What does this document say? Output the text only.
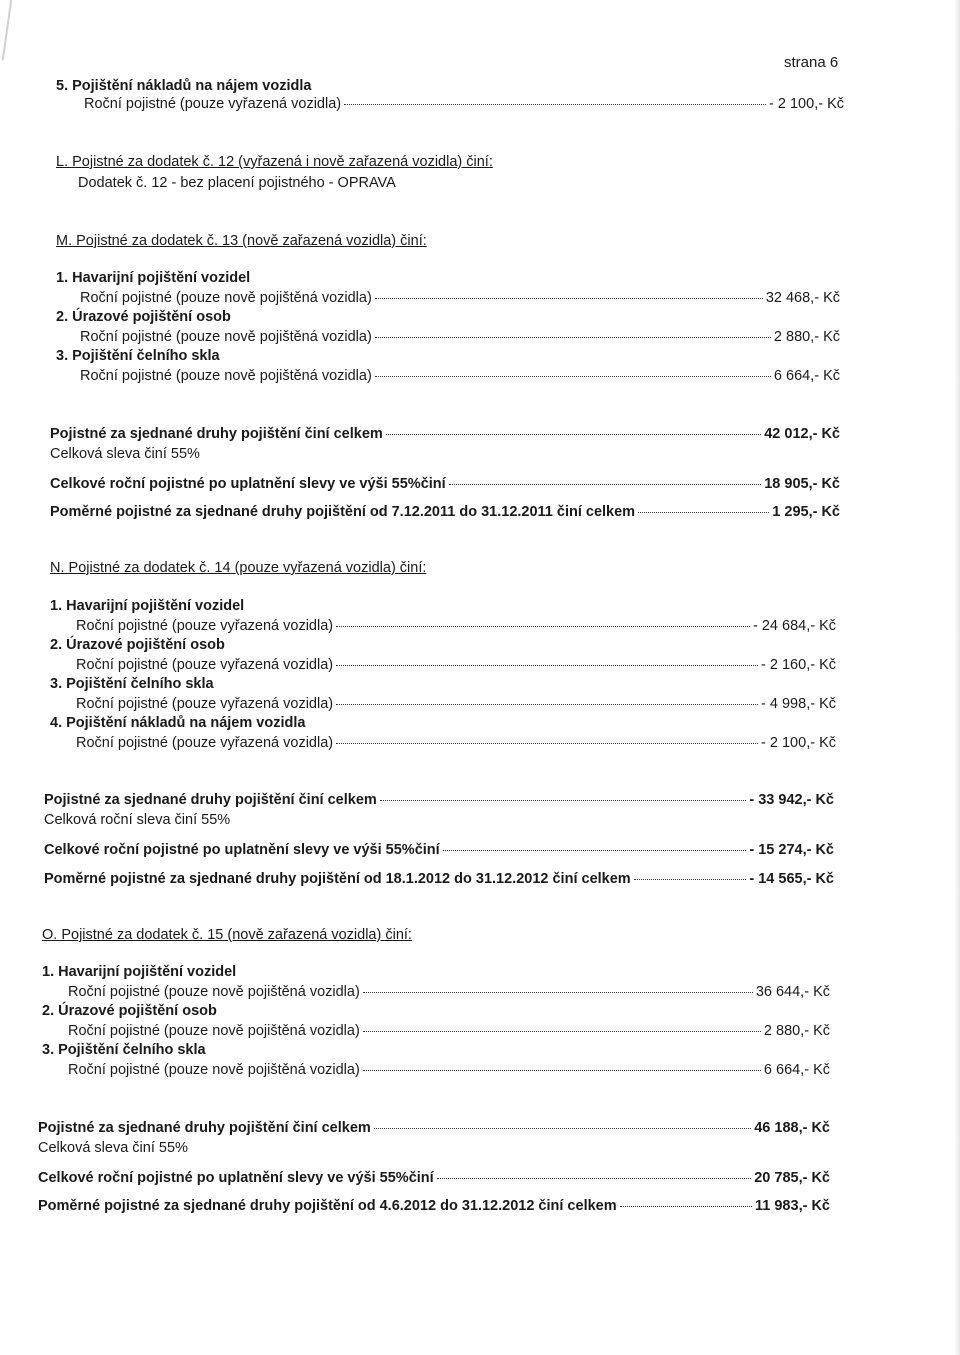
strana 6
5. Pojištění nákladů na nájem vozidla
Roční pojistné (pouze vyřazená vozidla)	- 2 100,- Kč
L. Pojistné za dodatek č. 12 (vyřazená i nově zařazená vozidla) činí:
Dodatek č. 12 - bez placení pojistného - OPRAVA
M. Pojistné za dodatek č. 13 (nově zařazená vozidla) činí:
1. Havarijní pojištění vozidel
Roční pojistné (pouze nově pojištěná vozidla)	32 468,- Kč
2. Úrazové pojištění osob
Roční pojistné (pouze nově pojištěná vozidla)	2 880,- Kč
3. Pojištění čelního skla
Roční pojistné (pouze nově pojištěná vozidla)	6 664,- Kč
Pojistné za sjednané druhy pojištění činí celkem	42 012,- Kč
Celková sleva činí 55%
Celkové roční pojistné po uplatnění slevy ve výši 55%činí	18 905,- Kč
Poměrné pojistné za sjednané druhy pojištění od 7.12.2011 do 31.12.2011 činí celkem	1 295,- Kč
N. Pojistné za dodatek č. 14 (pouze vyřazená vozidla) činí:
1. Havarijní pojištění vozidel
Roční pojistné (pouze vyřazená vozidla)	- 24 684,- Kč
2. Úrazové pojištění osob
Roční pojistné (pouze vyřazená vozidla)	- 2 160,- Kč
3. Pojištění čelního skla
Roční pojistné (pouze vyřazená vozidla)	- 4 998,- Kč
4. Pojištění nákladů na nájem vozidla
Roční pojistné (pouze vyřazená vozidla)	- 2 100,- Kč
Pojistné za sjednané druhy pojištění činí celkem	- 33 942,- Kč
Celková roční sleva činí 55%
Celkové roční pojistné po uplatnění slevy ve výši 55%činí	- 15 274,- Kč
Poměrné pojistné za sjednané druhy pojištění od 18.1.2012 do 31.12.2012 činí celkem	- 14 565,- Kč
O. Pojistné za dodatek č. 15 (nově zařazená vozidla) činí:
1. Havarijní pojištění vozidel
Roční pojistné (pouze nově pojištěná vozidla)	36 644,- Kč
2. Úrazové pojištění osob
Roční pojistné (pouze nově pojištěná vozidla)	2 880,- Kč
3. Pojištění čelního skla
Roční pojistné (pouze nově pojištěná vozidla)	6 664,- Kč
Pojistné za sjednané druhy pojištění činí celkem	46 188,- Kč
Celková sleva činí 55%
Celkové roční pojistné po uplatnění slevy ve výši 55%činí	20 785,- Kč
Poměrné pojistné za sjednané druhy pojištění od 4.6.2012 do 31.12.2012 činí celkem	11 983,- Kč
